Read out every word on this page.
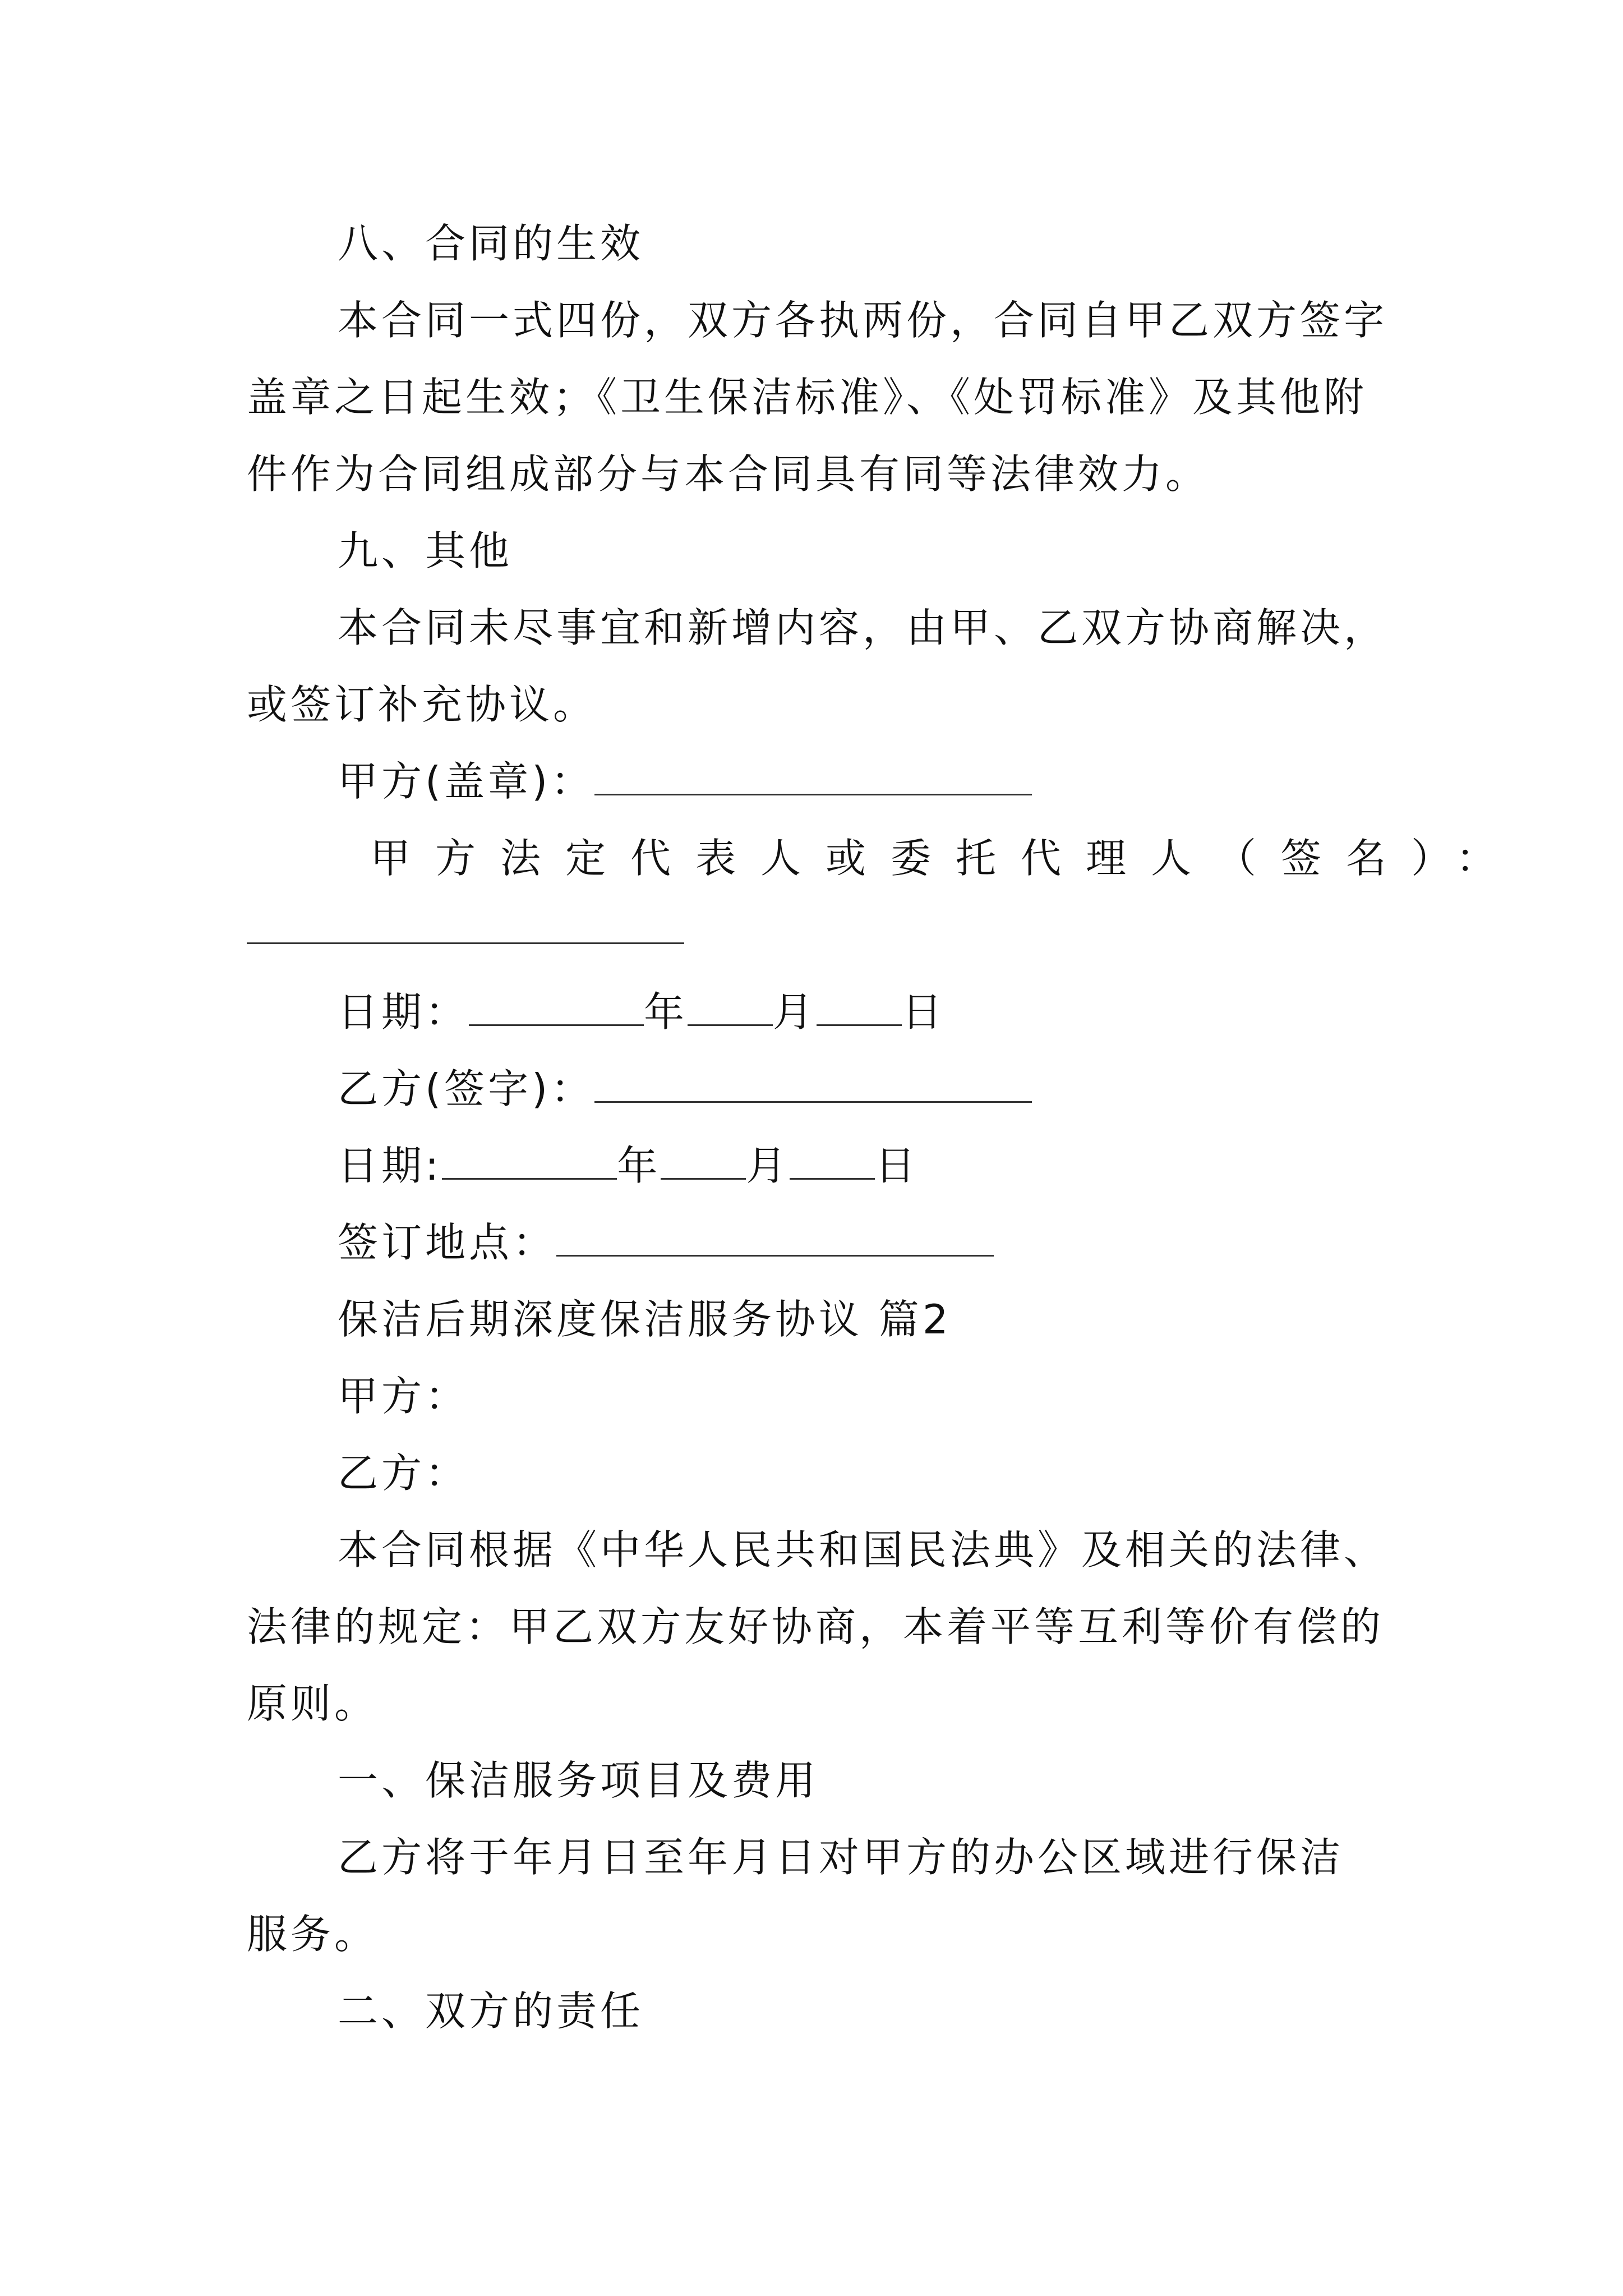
八、合同的生效
本合同一式四份，双方各执两份，合同自甲乙双方签字
盖章之日起生效；《卫生保洁标准》、《处罚标准》及其他附
件作为合同组成部分与本合同具有同等法律效力。
九、其他
本合同未尽事宜和新增内容，由甲、乙双方协商解决，
或签订补充协议。
甲方(盖章)：
甲方法定代表人或委托代理人（签名）：
日期：	年 月 日
乙方(签字)：
日期:	年 月 日
签订地点：
保洁后期深度保洁服务协议 篇2
甲方：
乙方：
本合同根据《中华人民共和国民法典》及相关的法律、
法律的规定：甲乙双方友好协商，本着平等互利等价有偿的
原则。
一、保洁服务项目及费用
乙方将于年月日至年月日对甲方的办公区域进行保洁
服务。
二、双方的责任
